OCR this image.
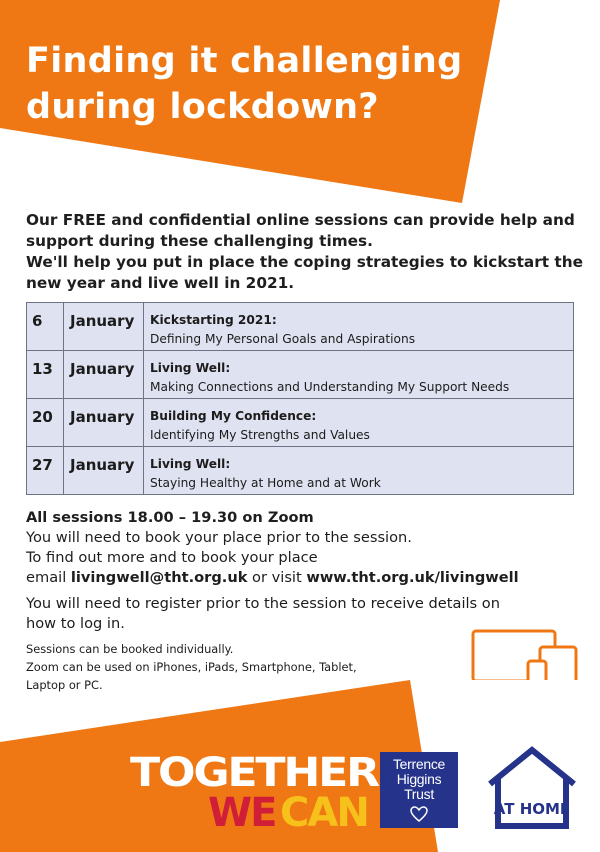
Finding it challenging
during lockdown?
Our FREE and confidential online sessions can provide help and
support during these challenging times.
We'll help you put in place the coping strategies to kickstart the
new year and live well in 2021.
6	January	Kickstarting 2021:
Defining My Personal Goals and Aspirations

13	January	Living Well:
Making Connections and Understanding My Support Needs

20	January	Building My Confidence:
Identifying My Strengths and Values

27	January	Living Well:
Staying Healthy at Home and at Work
All sessions 18.00 – 19.30 on Zoom
You will need to book your place prior to the session.
To find out more and to book your place
email livingwell@tht.org.uk or visit www.tht.org.uk/livingwell
You will need to register prior to the session to receive details on
how to log in.
Sessions can be booked individually.
Zoom can be used on iPhones, iPads, Smartphone, Tablet,
Laptop or PC.
TOGETHER
WE CAN
Terrence
Higgins
Trust
AT HOME
